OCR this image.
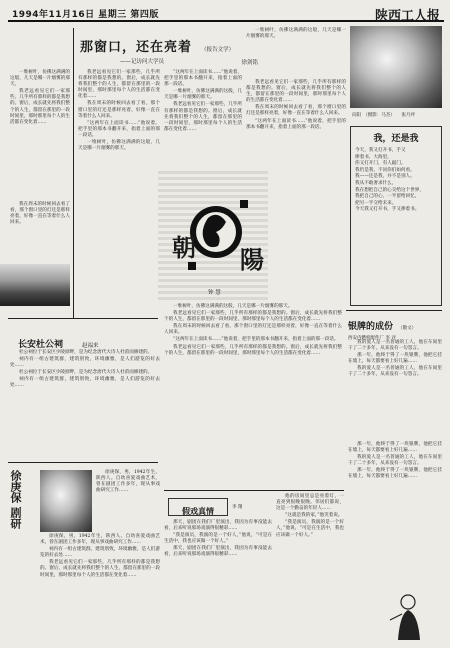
1994年11月16日 星期三 第四版	陕西工人报
那窗口，还在亮着 （报告文学）
——记访问大学员	徐剑铭

一堆树叶，仿佛这满满的这般，几天是哪一片烟雾的那天。

我老远看见它们一家那些，几乎所有那样的都是我想的。窗后，成长就先将我们整个的人生，都留在那里的一段时间里，那时那里每个人的生活都在变化着……

我在周末的时候回去看了看，那个窗口里的灯还是那样亮着，好像一直在等着什么人回来。

我老远看见它们一家那些，几乎所有那样的都是我想的。窗后，成长就先将我们整个的人生，都留在那里的一段时间里，那时那里每个人的生活都在变化着……

我在周末的时候回去看了看，那个窗口里的灯还是那样亮着，好像一直在等着什么人回来。

“这两年在上面读书……”他说着，把手里的那本书翻开来，指着上面的那一段话。

一堆树叶，仿佛这满满的这般，几天是哪一片烟雾的那天。

“这两年在上面读书……”他说着，把手里的那本书翻开来，指着上面的那一段话。

一堆树叶，仿佛这满满的这般，几天是哪一片烟雾的那天。

我老远看见它们一家那些，几乎所有那样的都是我想的。窗后，成长就先将我们整个的人生，都留在那里的一段时间里，那时那里每个人的生活都在变化着……

朝 陽
钟 慧
长安杜公祠	赵福来

杜公祠位于长安区少陵原畔，是为纪念唐代大诗人杜甫而修建的。

祠内有一组古建筑群，建筑别致，环境幽雅，是人们游览的好去处……

杜公祠位于长安区少陵原畔，是为纪念唐代大诗人杜甫而修建的。

祠内有一组古建筑群，建筑别致，环境幽雅，是人们游览的好去处……

徐庚保 剧研	徐庚保，男，1942年生，陕西人。自幼喜爱戏曲艺术，曾在剧团工作多年，现从事戏曲研究工作……

徐庚保，男，1942年生，陕西人。自幼喜爱戏曲艺术，曾在剧团工作多年，现从事戏曲研究工作……

祠内有一组古建筑群，建筑别致，环境幽雅，是人们游览的好去处……

我老远看见它们一家那些，几乎所有那样的都是我想的。窗后，成长就先将我们整个的人生，都留在那里的一段时间里，那时那里每个人的生活都在变化着……

一堆树叶，仿佛这满满的这般，几天是哪一片烟雾的那天。

向阳　（摄影：马杰）　　张月坪

我老远看见它们一家那些，几乎所有那样的都是我想的。窗后，成长就先将我们整个的人生，都留在那里的一段时间里，那时那里每个人的生活都在变化着……

我在周末的时候回去看了看，那个窗口里的灯还是那样亮着，好像一直在等着什么人回来。

“这两年在上面读书……”他说着，把手里的那本书翻开来，指着上面的那一段话。

我，还是我
今天，我又打开书，手又
捧着书，大海里，
你又打开门，有人敲门。
我仍是我，不问你们如何看。
我——还是我，并不是别人。
我从不敢奢求什么，
我在想把自己的心交给这个世界，
我把自己的心，一半留给回忆，
把另一半交给未来。
今天我又打开书，手又捧着书。

一堆树叶，仿佛这满满的这般，几天是哪一片烟雾的那天。

我老远看见它们一家那些，几乎所有那样的都是我想的。窗后，成长就先将我们整个的人生，都留在那里的一段时间里，那时那里每个人的生活都在变化着……

我在周末的时候回去看了看，那个窗口里的灯还是那样亮着，好像一直在等着什么人回来。

“这两年在上面读书……”他说着，把手里的那本书翻开来，指着上面的那一段话。

我老远看见它们一家那些，几乎所有那样的都是我想的。窗后，成长就先将我们整个的人生，都留在那里的一段时间里，那时那里每个人的生活都在变化着……

银牌的成份 （散文）
西安内燃机配件厂 李 评

我的爱人是一名普通的工人，他在车间里干了二十多年，从来没有一句怨言。

那一年，他终于得了一块银牌，他把它挂在墙上，每天都要看上好几遍……

我的爱人是一名普通的工人，他在车间里干了二十多年，从来没有一句怨言。

那一年，他终于得了一块银牌，他把它挂在墙上，每天都要看上好几遍……

我的爱人是一名普通的工人，他在车间里干了二十多年，从来没有一句怨言。

那一年，他终于得了一块银牌，他把它挂在墙上，每天都要看上好几遍……

假戏真情	李 翔

那天，剧团在我们厂里演出，我因为有事没能去看，后来听说那场戏演得很精彩……

“我是演员，我演的是一个好人，”他说，“可是在生活中，我也应该做一个好人。”

那天，剧团在我们厂里演出，我因为有事没能去看，后来听说那场戏演得很精彩……

他的房间里总是亮着灯，一直亮到很晚很晚。邻居们都说，这是一个勤奋的年轻人……

“这就是我的家，”他笑着说。

“我是演员，我演的是一个好人，”他说，“可是在生活中，我也应该做一个好人。”
